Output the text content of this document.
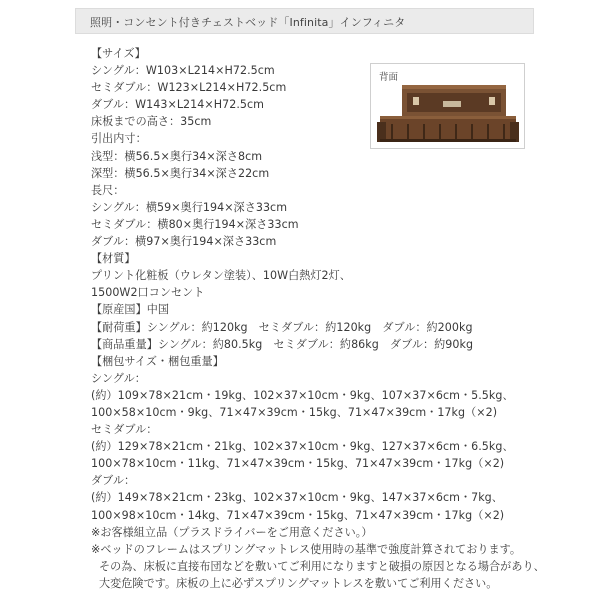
照明・コンセント付きチェストベッド「Infinita」インフィニタ
背面
【サイズ】
シングル：W103×L214×H72.5cm
セミダブル：W123×L214×H72.5cm
ダブル：W143×L214×H72.5cm
床板までの高さ：35cm
引出内寸：
浅型：横56.5×奥行34×深さ8cm
深型：横56.5×奥行34×深さ22cm
長尺：
シングル：横59×奥行194×深さ33cm
セミダブル：横80×奥行194×深さ33cm
ダブル：横97×奥行194×深さ33cm
【材質】
プリント化粧板（ウレタン塗装）、10W白熱灯2灯、
1500W2口コンセント
【原産国】中国
【耐荷重】シングル：約120kg　セミダブル：約120kg　ダブル：約200kg
【商品重量】シングル：約80.5kg　セミダブル：約86kg　ダブル：約90kg
【梱包サイズ・梱包重量】
シングル：
(約）109×78×21cm・19kg、102×37×10cm・9kg、107×37×6cm・5.5kg、
100×58×10cm・9kg、71×47×39cm・15kg、71×47×39cm・17kg（×2)
セミダブル：
(約）129×78×21cm・21kg、102×37×10cm・9kg、127×37×6cm・6.5kg、
100×78×10cm・11kg、71×47×39cm・15kg、71×47×39cm・17kg（×2)
ダブル：
(約）149×78×21cm・23kg、102×37×10cm・9kg、147×37×6cm・7kg、
100×98×10cm・14kg、71×47×39cm・15kg、71×47×39cm・17kg（×2)
※お客様組立品（プラスドライバーをご用意ください。）
※ベッドのフレームはスプリングマットレス使用時の基準で強度計算されております。
その為、床板に直接布団などを敷いてご利用になりますと破損の原因となる場合があり、
大変危険です。床板の上に必ずスプリングマットレスを敷いてご利用ください。
